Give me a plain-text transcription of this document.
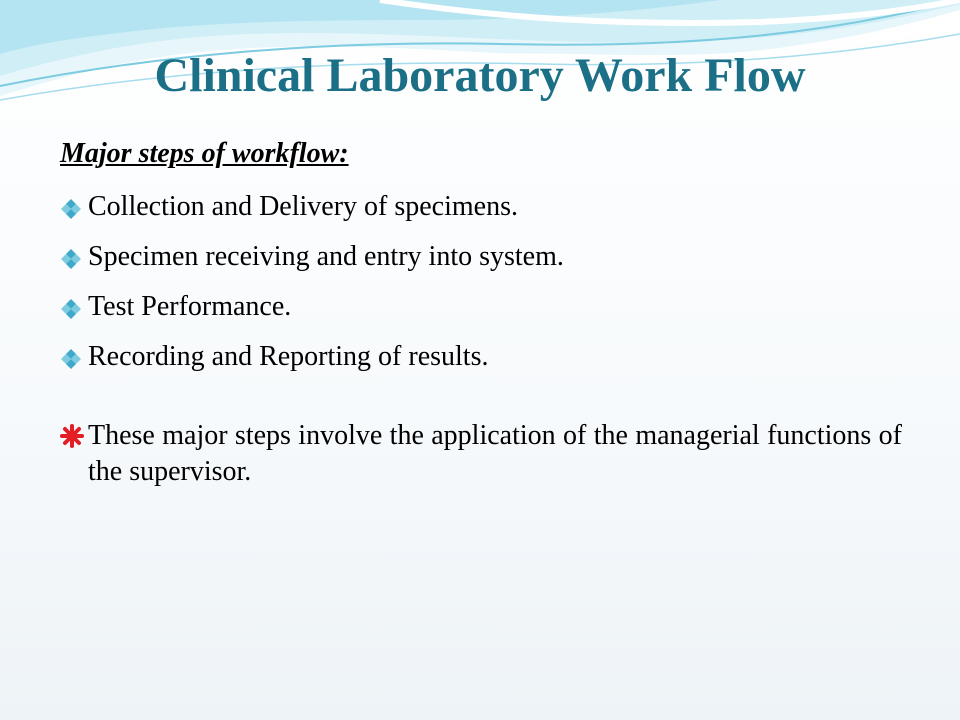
Clinical Laboratory Work Flow

Major steps of workflow:

Collection and Delivery of specimens.
Specimen receiving and entry into system.
Test Performance.
Recording and Reporting of results.
These major steps involve the application of the managerial functions of the supervisor.
